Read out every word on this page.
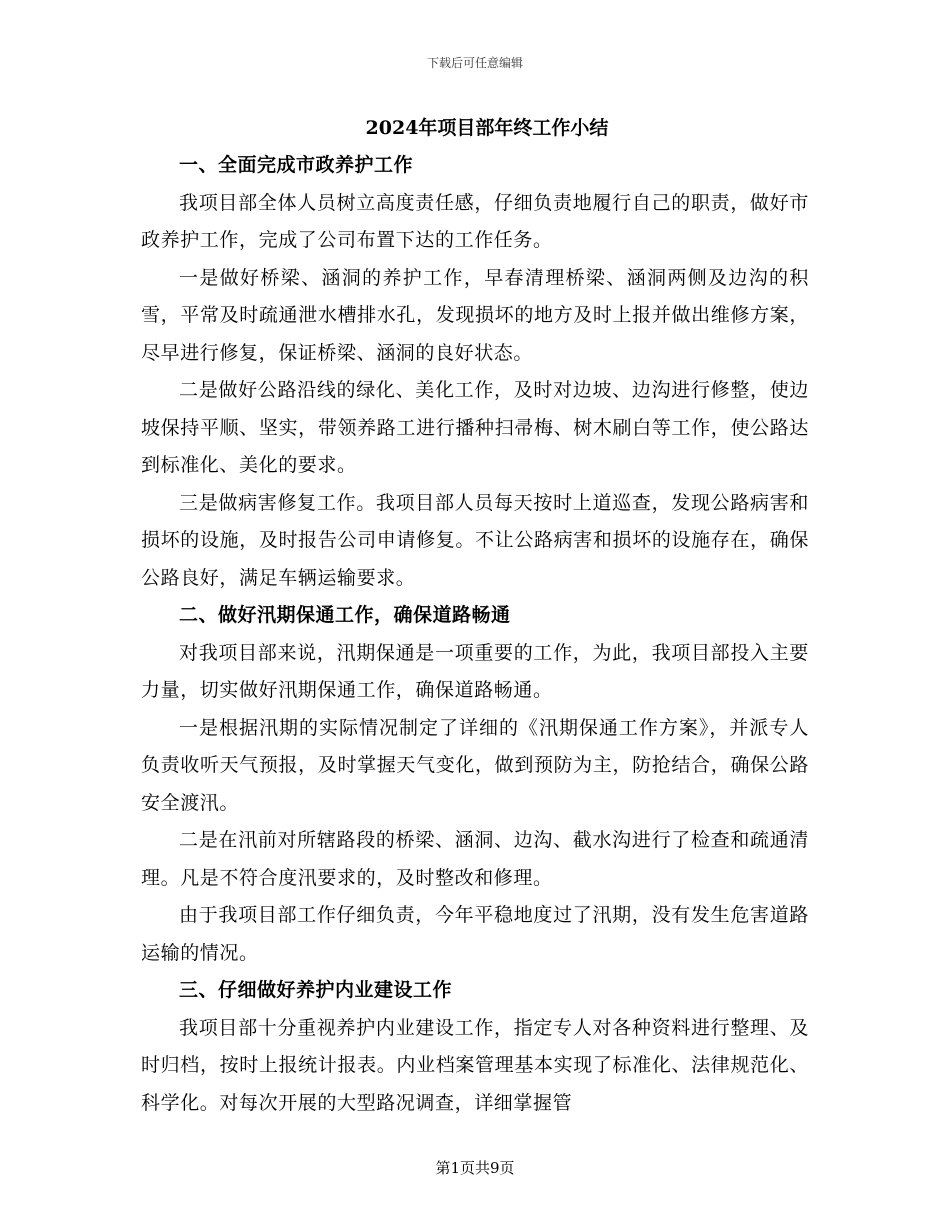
下载后可任意编辑
2024年项目部年终工作小结

一、全面完成市政养护工作

我项目部全体人员树立高度责任感，仔细负责地履行自己的职责，做好市政养护工作，完成了公司布置下达的工作任务。

一是做好桥梁、涵洞的养护工作，早春清理桥梁、涵洞两侧及边沟的积雪，平常及时疏通泄水槽排水孔，发现损坏的地方及时上报并做出维修方案，尽早进行修复，保证桥梁、涵洞的良好状态。

二是做好公路沿线的绿化、美化工作，及时对边坡、边沟进行修整，使边坡保持平顺、坚实，带领养路工进行播种扫帚梅、树木刷白等工作，使公路达到标准化、美化的要求。

三是做病害修复工作。我项目部人员每天按时上道巡查，发现公路病害和损坏的设施，及时报告公司申请修复。不让公路病害和损坏的设施存在，确保公路良好，满足车辆运输要求。

二、做好汛期保通工作，确保道路畅通

对我项目部来说，汛期保通是一项重要的工作，为此，我项目部投入主要力量，切实做好汛期保通工作，确保道路畅通。

一是根据汛期的实际情况制定了详细的《汛期保通工作方案》，并派专人负责收听天气预报，及时掌握天气变化，做到预防为主，防抢结合，确保公路安全渡汛。

二是在汛前对所辖路段的桥梁、涵洞、边沟、截水沟进行了检查和疏通清理。凡是不符合度汛要求的，及时整改和修理。

由于我项目部工作仔细负责，今年平稳地度过了汛期，没有发生危害道路运输的情况。

三、仔细做好养护内业建设工作

我项目部十分重视养护内业建设工作，指定专人对各种资料进行整理、及时归档，按时上报统计报表。内业档案管理基本实现了标准化、法律规范化、科学化。对每次开展的大型路况调查，详细掌握管

第1页共9页
